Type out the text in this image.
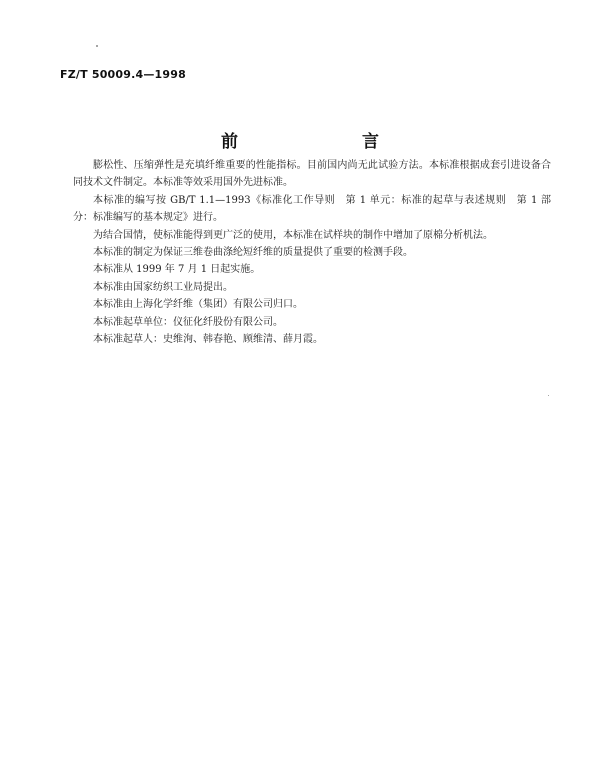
FZ/T 50009.4—1998
前　　言

膨松性、压缩弹性是充填纤维重要的性能指标。目前国内尚无此试验方法。本标准根据成套引进设备合同技术文件制定。本标准等效采用国外先进标准。

本标准的编写按 GB/T 1.1—1993《标准化工作导则　第 1 单元：标准的起草与表述规则　第 1 部分：标准编写的基本规定》进行。

为结合国情，使标准能得到更广泛的使用，本标准在试样块的制作中增加了原棉分析机法。

本标准的制定为保证三维卷曲涤纶短纤维的质量提供了重要的检测手段。

本标准从 1999 年 7 月 1 日起实施。

本标准由国家纺织工业局提出。

本标准由上海化学纤维（集团）有限公司归口。

本标准起草单位：仪征化纤股份有限公司。

本标准起草人：史维洵、韩春艳、顾维清、薛月霞。
